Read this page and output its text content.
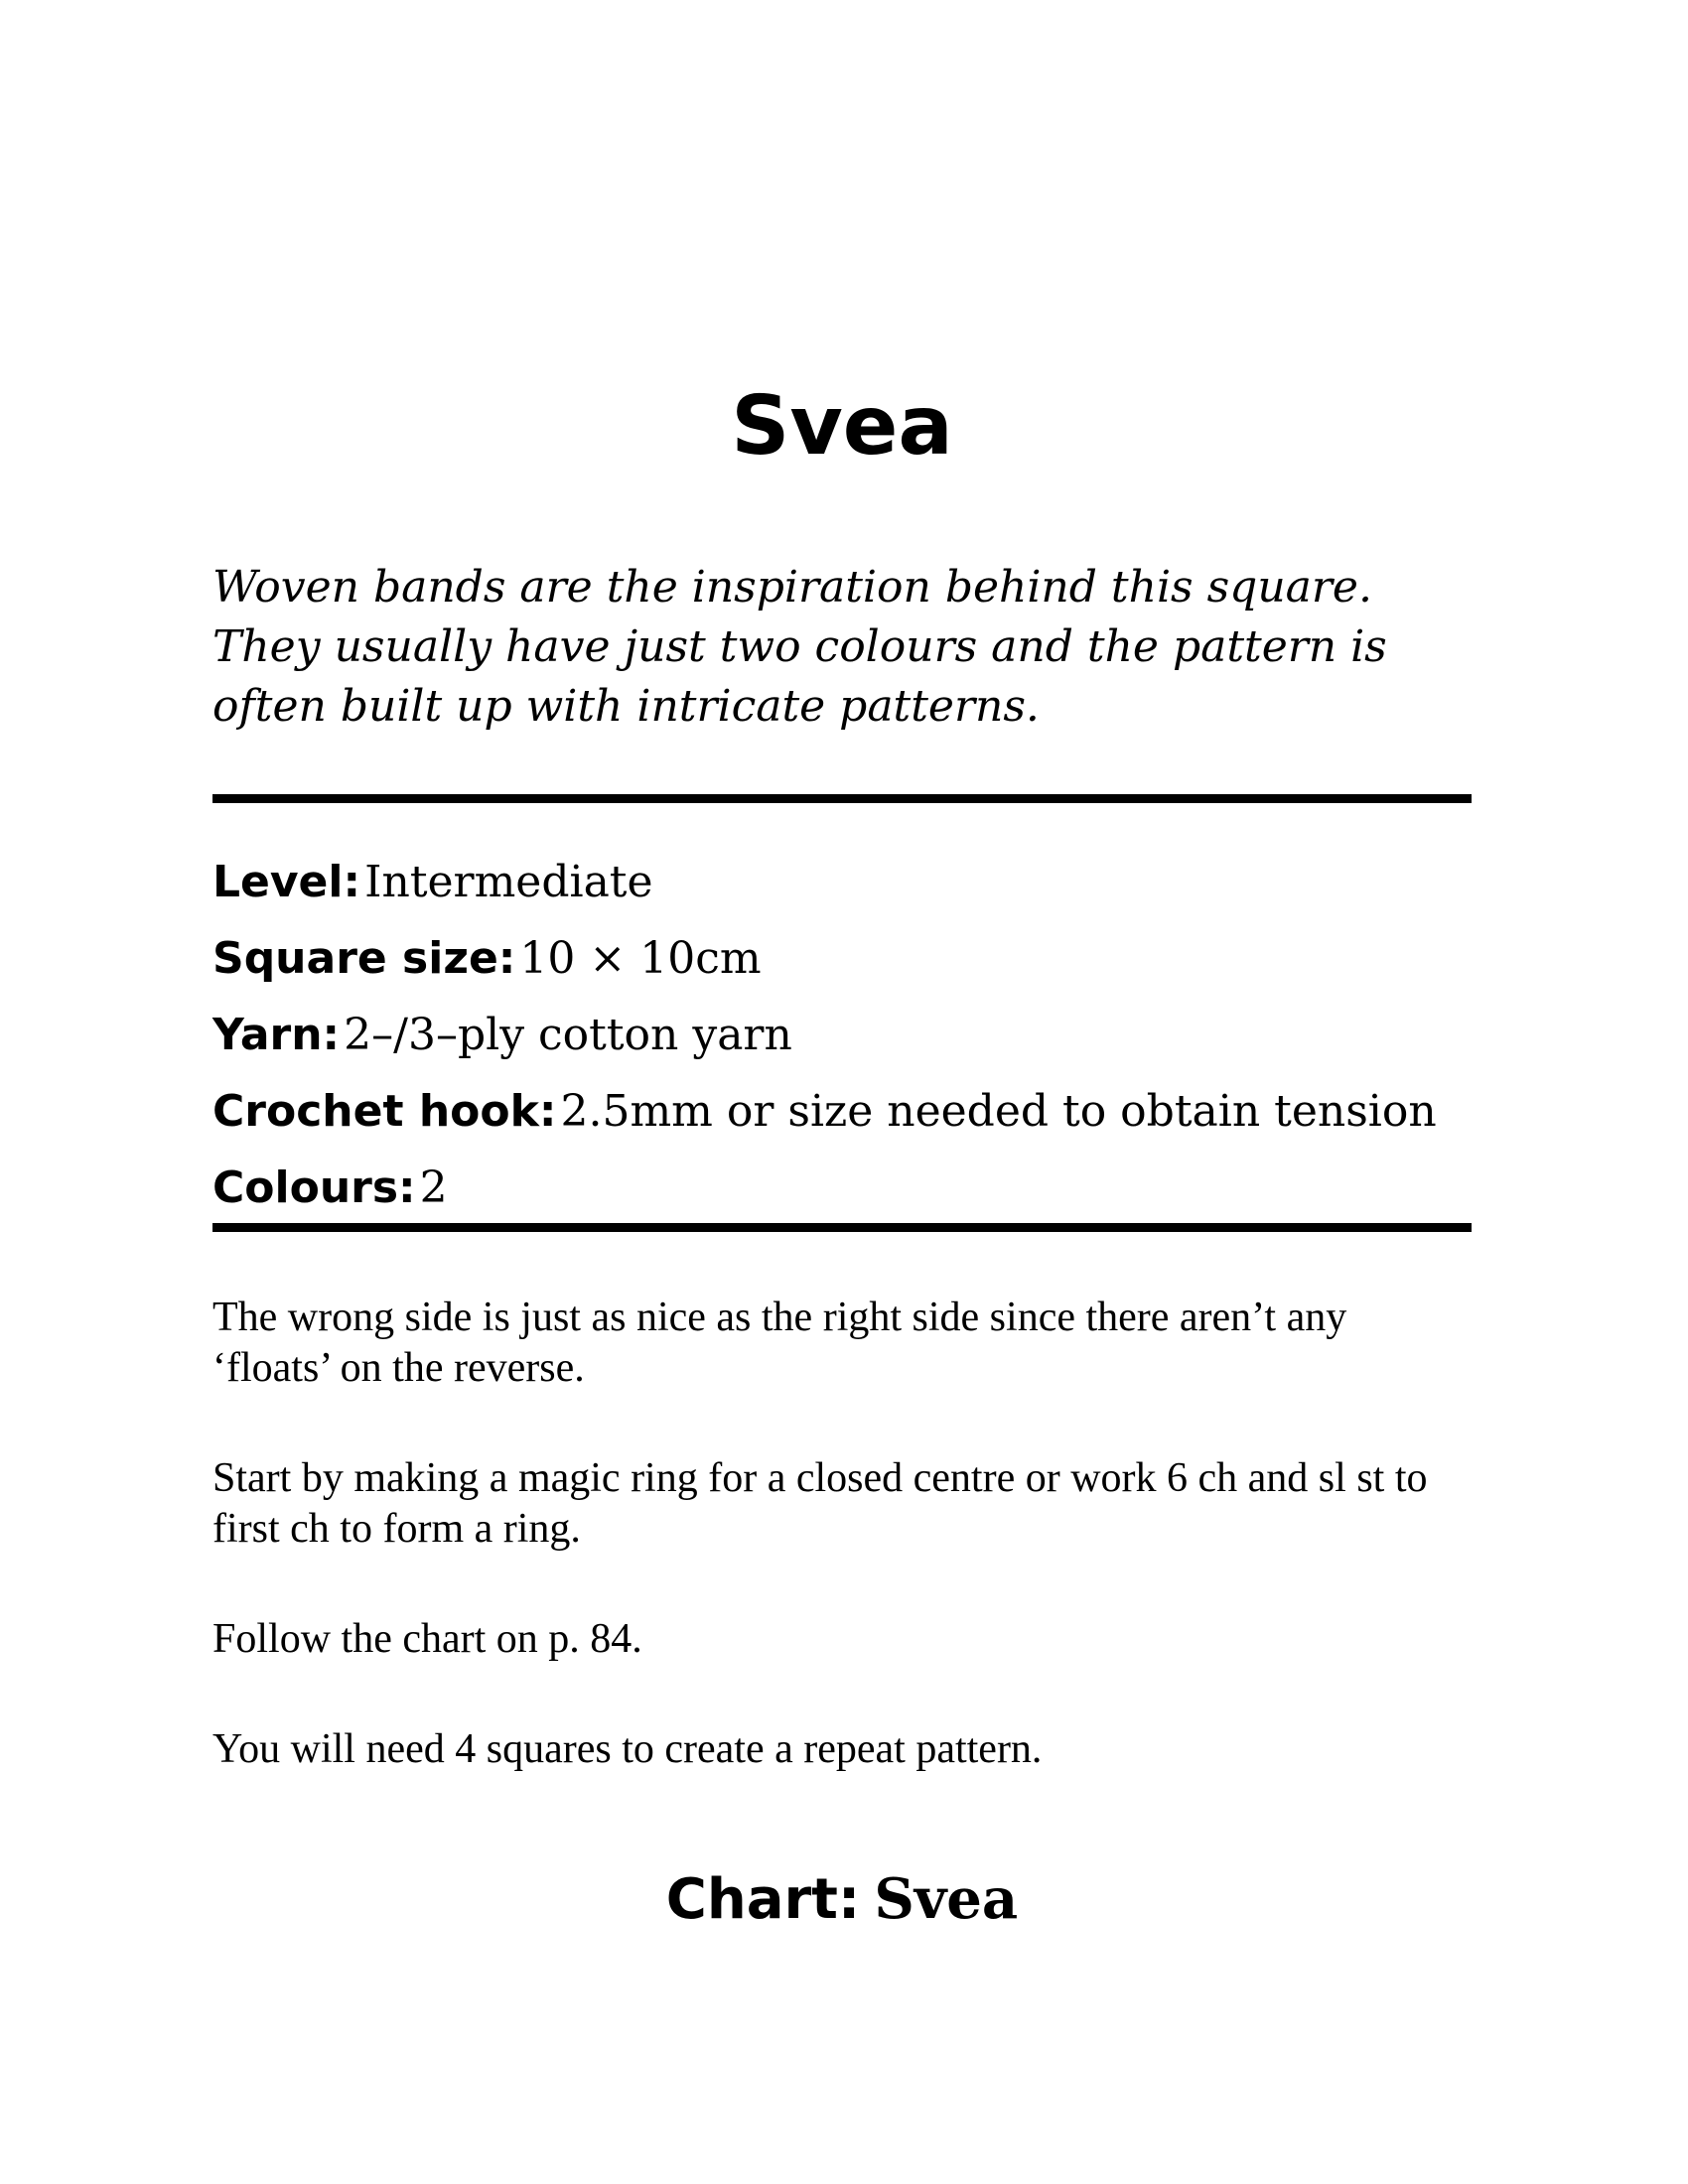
Svea

Woven bands are the inspiration behind this square. They usually have just two colours and the pattern is often built up with intricate patterns.

Level: Intermediate
Square size: 10 × 10cm
Yarn: 2–/3–ply cotton yarn
Crochet hook: 2.5mm or size needed to obtain tension
Colours: 2

The wrong side is just as nice as the right side since there aren’t any ‘floats’ on the reverse.

Start by making a magic ring for a closed centre or work 6 ch and sl st to first ch to form a ring.

Follow the chart on p. 84.

You will need 4 squares to create a repeat pattern.

Chart: Svea
